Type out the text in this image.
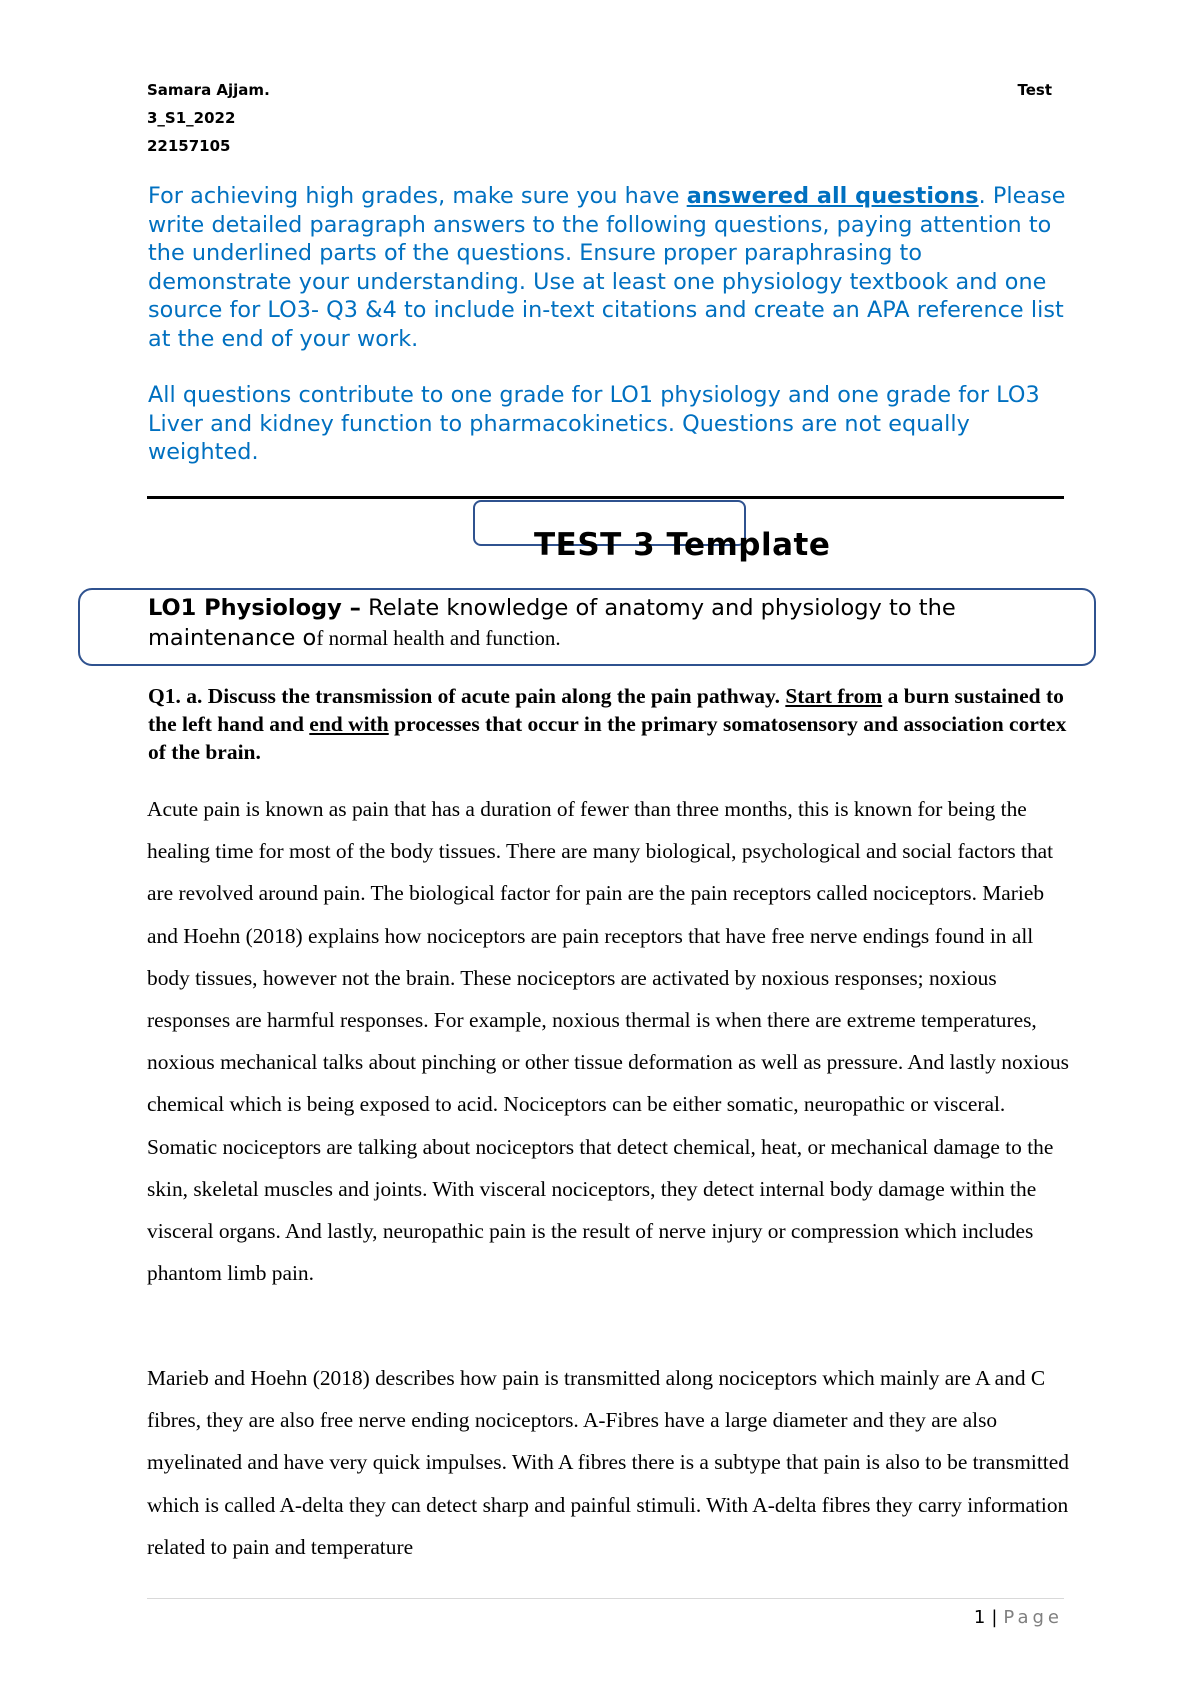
Samara Ajjam.
3_S1_2022
22157105
Test

For achieving high grades, make sure you have answered all questions. Please write detailed paragraph answers to the following questions, paying attention to the underlined parts of the questions. Ensure proper paraphrasing to demonstrate your understanding. Use at least one physiology textbook and one source for LO3- Q3 &4 to include in-text citations and create an APA reference list at the end of your work.

All questions contribute to one grade for LO1 physiology and one grade for LO3

Liver and kidney function to pharmacokinetics. Questions are not equally weighted.

TEST 3 Template
LO1 Physiology – Relate knowledge of anatomy and physiology to the maintenance of normal health and function.
Q1. a. Discuss the transmission of acute pain along the pain pathway. Start from a burn sustained to the left hand and end with processes that occur in the primary somatosensory and association cortex of the brain.
Acute pain is known as pain that has a duration of fewer than three months, this is known for being the healing time for most of the body tissues. There are many biological, psychological and social factors that are revolved around pain. The biological factor for pain are the pain receptors called nociceptors. Marieb and Hoehn (2018) explains how nociceptors are pain receptors that have free nerve endings found in all body tissues, however not the brain. These nociceptors are activated by noxious responses; noxious responses are harmful responses. For example, noxious thermal is when there are extreme temperatures, noxious mechanical talks about pinching or other tissue deformation as well as pressure. And lastly noxious chemical which is being exposed to acid. Nociceptors can be either somatic, neuropathic or visceral. Somatic nociceptors are talking about nociceptors that detect chemical, heat, or mechanical damage to the skin, skeletal muscles and joints. With visceral nociceptors, they detect internal body damage within the visceral organs. And lastly, neuropathic pain is the result of nerve injury or compression which includes phantom limb pain.
Marieb and Hoehn (2018) describes how pain is transmitted along nociceptors which mainly are A and C fibres, they are also free nerve ending nociceptors. A-Fibres have a large diameter and they are also myelinated and have very quick impulses. With A fibres there is a subtype that pain is also to be transmitted which is called A-delta they can detect sharp and painful stimuli. With A-delta fibres they carry information related to pain and temperature
1 | Page
